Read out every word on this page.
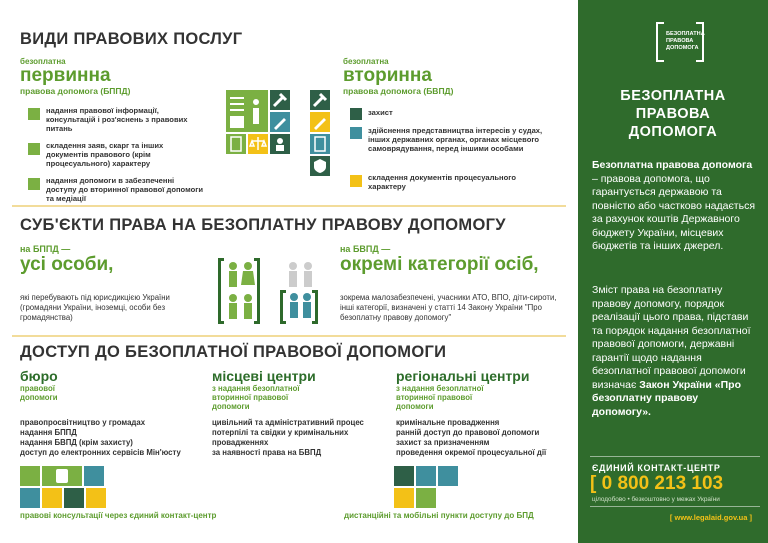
ВИДИ ПРАВОВИХ ПОСЛУГ
безоплатна
первинна
правова допомога (БППД)
надання правової інформації, консультацій і роз'яснень з правових питань
складення заяв, скарг та інших документів правового (крім процесуального) характеру
надання допомоги в забезпеченні доступу до вторинної правової допомоги та медіації
безоплатна
вторинна
правова допомога (БВПД)
захист
здійснення представництва інтересів у судах, інших державних органах, органах місцевого самоврядування, перед іншими особами
складення документів процесуального характеру
СУБ'ЄКТИ ПРАВА НА БЕЗОПЛАТНУ ПРАВОВУ ДОПОМОГУ
на БППД —
усі особи,
які перебувають під юрисдикцією України (громадяни України, іноземці, особи без громадянства)
на БВПД —
окремі категорії осіб,
зокрема малозабезпечені, учасники АТО, ВПО, діти-сироти, інші категорії, визначені у статті 14 Закону України "Про безоплатну правову допомогу"
ДОСТУП ДО БЕЗОПЛАТНОЇ ПРАВОВОЇ ДОПОМОГИ
бюро
правової допомоги
правопросвітництво у громадах
надання БППД
надання БВПД (крім захисту)
доступ до електронних сервісів Мін'юсту
місцеві центри
з надання безоплатної вторинної правової допомоги
цивільний та адміністративний процес потерпілі та свідки у кримінальних провадженнях
за наявності права на БВПД
регіональні центри
з надання безоплатної вторинної правової допомоги
кримінальне провадження
ранній доступ до правової допомоги
захист за призначенням
проведення окремої процесуальної дії
правові консультації через єдиний контакт-центр	дистанційні та мобільні пункти доступу до БПД
БЕЗОПЛАТНА
ПРАВОВА
ДОПОМОГА
БЕЗОПЛАТНА
ПРАВОВА
ДОПОМОГА
Безоплатна правова допомога – правова допомога, що гарантується державою та повністю або частково надається за рахунок коштів Державного бюджету України, місцевих бюджетів та інших джерел.
Зміст права на безоплатну правову допомогу, порядок реалізації цього права, підстави та порядок надання безоплатної правової допомоги, державні гарантії щодо надання безоплатної правової допомоги визначає Закон України «Про безоплатну правову допомогу».
ЄДИНИЙ КОНТАКТ-ЦЕНТР
[ 0 800 213 103
цілодобово • безкоштовно у межах України
[ www.legalaid.gov.ua ]
